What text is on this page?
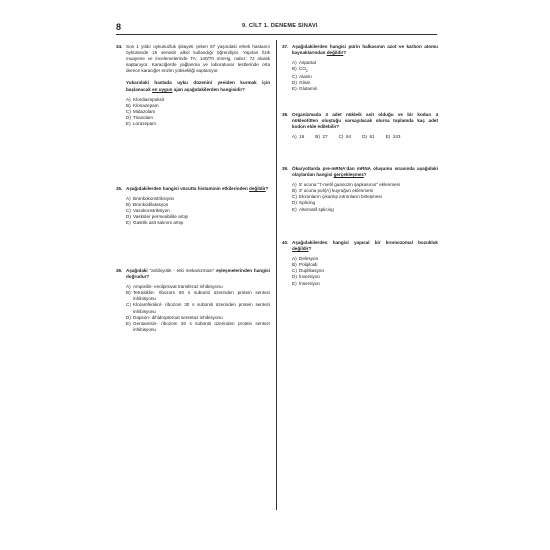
8	9. CİLT 1. DENEME SINAVI
34. Son 1 yıldır uykusuzluk şikayeti çeken 67 yaşındaki erkek hastanın öyküsünde 15 senedir alkol kullandığı öğreniliyor. Yapılan fizik muayene ve incelemelerinde TA: 140/70 mmHg, nabız: 72 olarak saptanıyor. Karaciğerde yağlanma ve laboratuvar testlerinde orta derece karaciğer enzim yüksekliği saptanıyor.
Yukarıdaki hastada uyku düzenini yeniden kurmak için başlanacak en uygun ajan aşağıdakilerden hangisidir?
A) Klordiazepoksit
B) Klonazepam
C) Midazolam
D) Triazolam
E) Lorazepam
35. Aşağıdakilerden hangisi vücutta histaminin etkilerinden değildir?
A) Bronkokonstriksiyon
B) Bronkodilatasyon
C) Vazokonstriksiyon
D) Vasküler permeabilite artışı
E) Gastrik asit salınım artışı
36. Aşağıdaki "antibiyotik - etki mekanizması" eşleşmelerinden hangisi doğrudur?
A) Ampisilin- enolpirüvat transferaz inhibisyonu
B) Tetrasiklin- ribozom 50 s subüniti üzerinden protein sentezi inhibisyonu
C) Kloramfenikol- ribozom 30 s subüniti üzerinden protein sentezi inhibisyonu
D) Dapson- dihidropteroat sentetaz inhibisyonu
E) Gentamisin- ribozom 30 s subüniti üzerinden protein sentezi inhibisyonu
37. Aşağıdakilerden hangisi pürin halkasının azot ve karbon atomu kaynaklarından değildir?
A) Aspartat
B) $CO_2$
C) Alanin
D) Glisin
E) Glutamin
38. Organizmada 3 adet nükleik asit olduğu ve bir kodun 4 nükleotitten oluştuğu varsayılacak olursa toplamda kaç adet kodon elde edilebilir?
A)
16 B)
27 C)
64 D)
81 E)
243
39. Ökaryotlarda pre-mRNA'dan mRNA oluşumu sırasında aşağıdaki olaylardan hangisi gerçekleşmez?
A) 5' ucuna "7-metil guanozin şapkasının" eklenmesi
B) 3' ucuna poli(A) kuyruğun eklenmesi
C) Ekzonların çıkarılıp intronların birleşmesi
D) Splicing
E) Alternatif splicing
40. Aşağıdakilerden hangisi yapısal bir kromozomal bozukluk değildir?
A) Delesyon
B) Poliploidi
C) Duplikasyon
D) İnversiyon
E) İnsersiyon
